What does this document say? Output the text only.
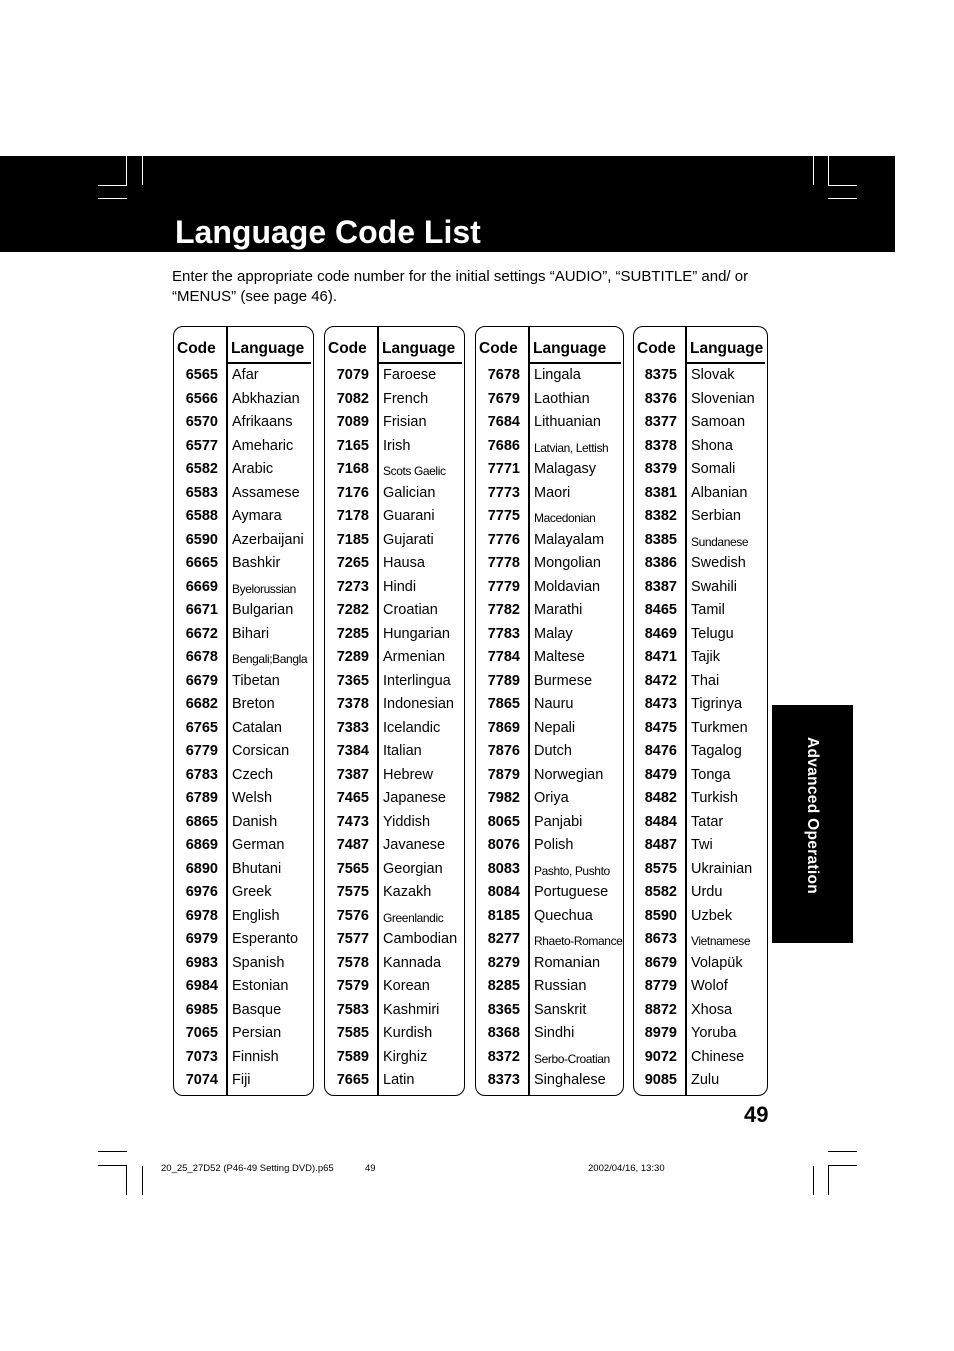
Language Code List

Enter the appropriate code number for the initial settings “AUDIO”, “SUBTITLE” and/ or “MENUS” (see page 46).

Code Language
6565 Afar
6566 Abkhazian
6570 Afrikaans
6577 Ameharic
6582 Arabic
6583 Assamese
6588 Aymara
6590 Azerbaijani
6665 Bashkir
6669 Byelorussian
6671 Bulgarian
6672 Bihari
6678 Bengali;Bangla
6679 Tibetan
6682 Breton
6765 Catalan
6779 Corsican
6783 Czech
6789 Welsh
6865 Danish
6869 German
6890 Bhutani
6976 Greek
6978 English
6979 Esperanto
6983 Spanish
6984 Estonian
6985 Basque
7065 Persian
7073 Finnish
7074 Fiji
Code Language
7079 Faroese
7082 French
7089 Frisian
7165 Irish
7168 Scots Gaelic
7176 Galician
7178 Guarani
7185 Gujarati
7265 Hausa
7273 Hindi
7282 Croatian
7285 Hungarian
7289 Armenian
7365 Interlingua
7378 Indonesian
7383 Icelandic
7384 Italian
7387 Hebrew
7465 Japanese
7473 Yiddish
7487 Javanese
7565 Georgian
7575 Kazakh
7576 Greenlandic
7577 Cambodian
7578 Kannada
7579 Korean
7583 Kashmiri
7585 Kurdish
7589 Kirghiz
7665 Latin
Code Language
7678 Lingala
7679 Laothian
7684 Lithuanian
7686 Latvian, Lettish
7771 Malagasy
7773 Maori
7775 Macedonian
7776 Malayalam
7778 Mongolian
7779 Moldavian
7782 Marathi
7783 Malay
7784 Maltese
7789 Burmese
7865 Nauru
7869 Nepali
7876 Dutch
7879 Norwegian
7982 Oriya
8065 Panjabi
8076 Polish
8083 Pashto, Pushto
8084 Portuguese
8185 Quechua
8277 Rhaeto-Romance
8279 Romanian
8285 Russian
8365 Sanskrit
8368 Sindhi
8372 Serbo-Croatian
8373 Singhalese
Code Language
8375 Slovak
8376 Slovenian
8377 Samoan
8378 Shona
8379 Somali
8381 Albanian
8382 Serbian
8385 Sundanese
8386 Swedish
8387 Swahili
8465 Tamil
8469 Telugu
8471 Tajik
8472 Thai
8473 Tigrinya
8475 Turkmen
8476 Tagalog
8479 Tonga
8482 Turkish
8484 Tatar
8487 Twi
8575 Ukrainian
8582 Urdu
8590 Uzbek
8673 Vietnamese
8679 Volapük
8779 Wolof
8872 Xhosa
8979 Yoruba
9072 Chinese
9085 Zulu
Advanced Operation
49
20_25_27D52 (P46-49 Setting DVD).p65	49	2002/04/16, 13:30
